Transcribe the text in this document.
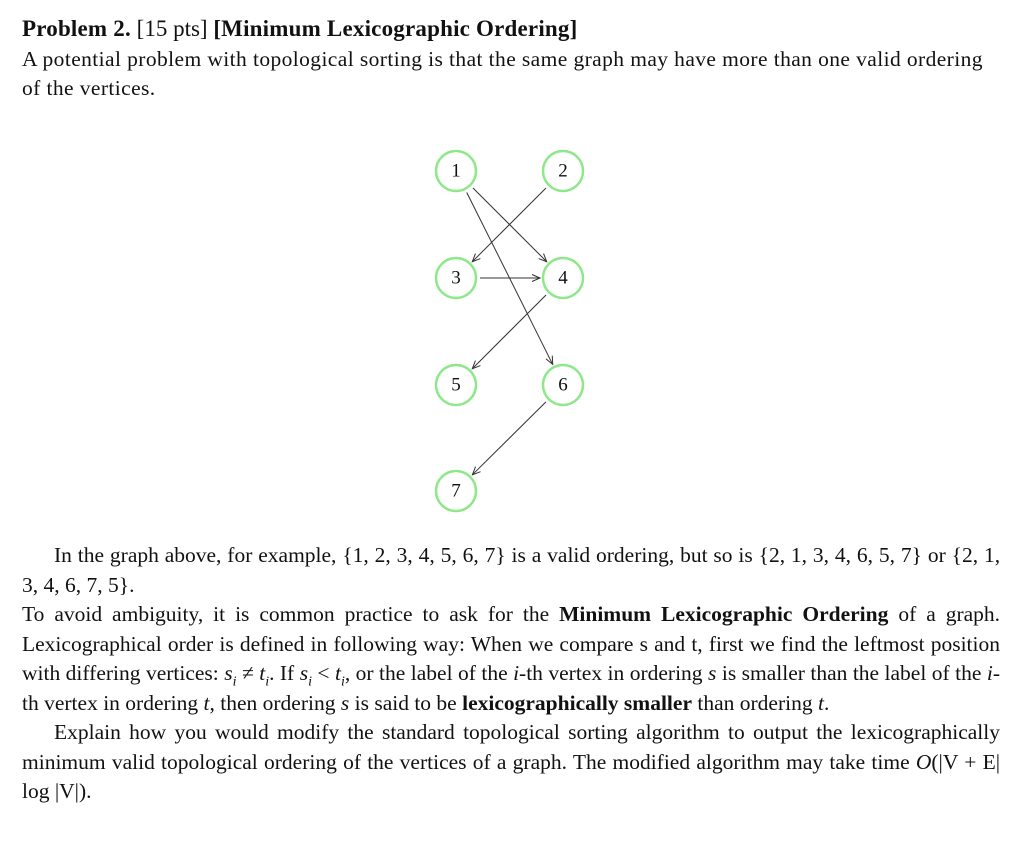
Problem 2. [15 pts] [Minimum Lexicographic Ordering]
A potential problem with topological sorting is that the same graph may have more than one valid ordering of the vertices.
1	2
3	4
5	6
7

In the graph above, for example, {1, 2, 3, 4, 5, 6, 7} is a valid ordering, but so is {2, 1, 3, 4, 6, 5, 7} or {2, 1, 3, 4, 6, 7, 5}.

To avoid ambiguity, it is common practice to ask for the Minimum Lexicographic Ordering of a graph. Lexicographical order is defined in following way: When we compare s and t, first we find the leftmost position with differing vertices: $s_i \ne t_i$. If $s_i < t_i$, or the label of the i-th vertex in ordering s is smaller than the label of the i-th vertex in ordering t, then ordering s is said to be lexicographically smaller than ordering t.

Explain how you would modify the standard topological sorting algorithm to output the lexicographically minimum valid topological ordering of the vertices of a graph. The modified algorithm may take time O(|V + E| log |V|).
